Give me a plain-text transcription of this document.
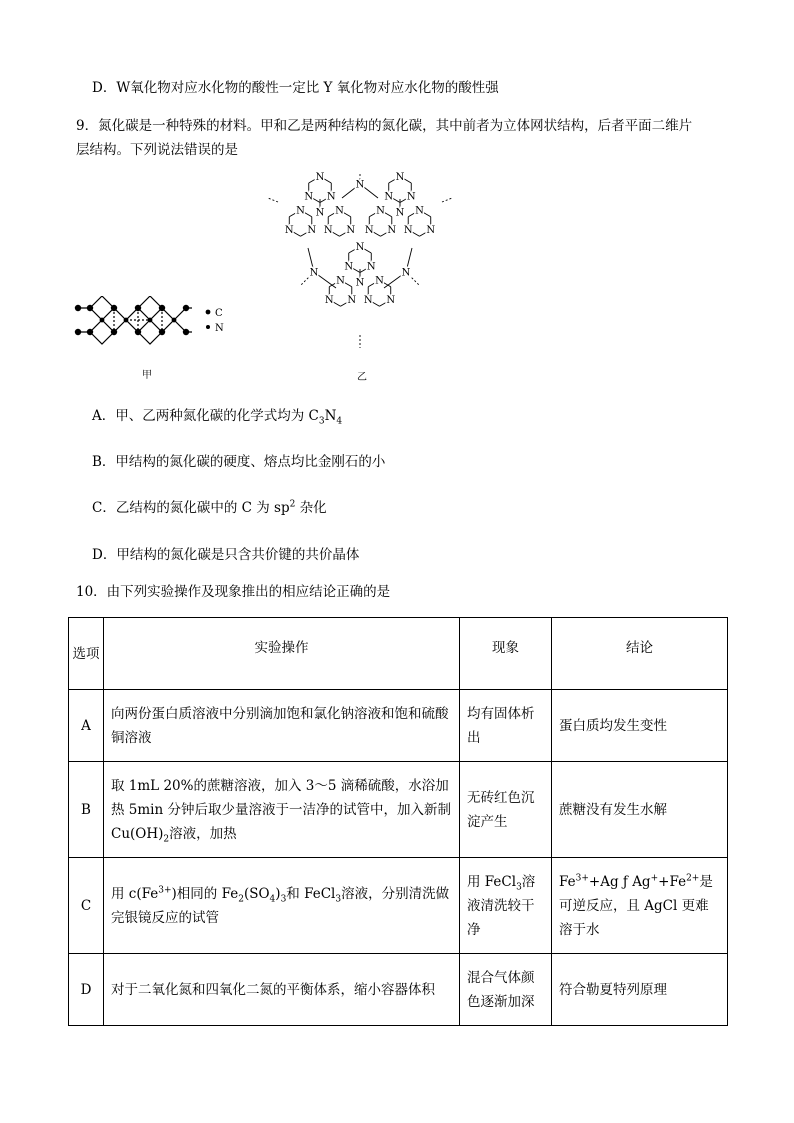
D．W氧化物对应水化物的酸性一定比 Y 氧化物对应水化物的酸性强
9．氮化碳是一种特殊的材料。甲和乙是两种结构的氮化碳，其中前者为立体网状结构，后者平面二维片
层结构。下列说法错误的是
C
N
甲
N
N
N
N
N
N
N
N
N
N	N
N
N
N
N
N
N
N
N
N
N
N
N
N
N
N
N
N
N
N
N
N	N
乙
A．甲、乙两种氮化碳的化学式均为 $C_3N_4$
B．甲结构的氮化碳的硬度、熔点均比金刚石的小
C．乙结构的氮化碳中的 C 为 $sp^2$ 杂化
D．甲结构的氮化碳是只含共价键的共价晶体
10．由下列实验操作及现象推出的相应结论正确的是
选项	实验操作	现象	结论
A	向两份蛋白质溶液中分别滴加饱和氯化钠溶液和饱和硫酸铜溶液	均有固体析出	蛋白质均发生变性
B	取 1mL 20%的蔗糖溶液，加入 3～5 滴稀硫酸，水浴加热 5min 分钟后取少量溶液于一洁净的试管中，加入新制 $Cu(OH)_2$溶液，加热	无砖红色沉淀产生	蔗糖没有发生水解
C	用 $c(Fe^{3+})$相同的 $Fe_2(SO_4)_3$和 FeCl$_3$溶液，分别清洗做完银镜反应的试管	用 FeCl$_3$溶液清洗较干净	$Fe^{3+}+Ag$ ƒ $Ag^++Fe^{2+}$是可逆反应，且 AgCl 更难溶于水
D	对于二氧化氮和四氧化二氮的平衡体系，缩小容器体积	混合气体颜色逐渐加深	符合勒夏特列原理
